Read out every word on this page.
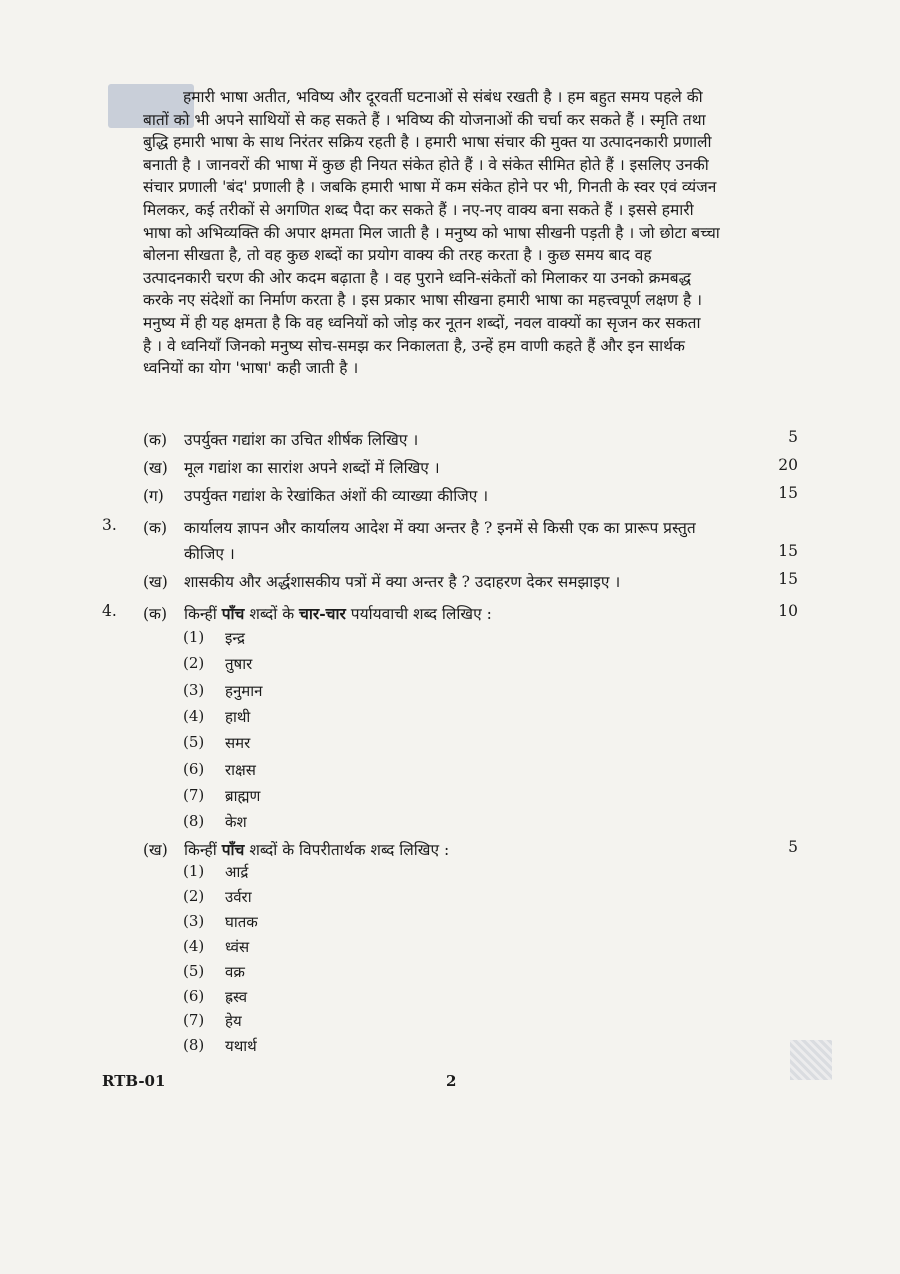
हमारी भाषा अतीत, भविष्य और दूरवर्ती घटनाओं से संबंध रखती है । हम बहुत समय पहले की
बातों को भी अपने साथियों से कह सकते हैं । भविष्य की योजनाओं की चर्चा कर सकते हैं । स्मृति तथा
बुद्धि हमारी भाषा के साथ निरंतर सक्रिय रहती है । हमारी भाषा संचार की मुक्त या उत्पादनकारी प्रणाली
बनाती है । जानवरों की भाषा में कुछ ही नियत संकेत होते हैं । वे संकेत सीमित होते हैं । इसलिए उनकी
संचार प्रणाली 'बंद' प्रणाली है । जबकि हमारी भाषा में कम संकेत होने पर भी, गिनती के स्वर एवं व्यंजन
मिलकर, कई तरीकों से अगणित शब्द पैदा कर सकते हैं । नए-नए वाक्य बना सकते हैं । इससे हमारी
भाषा को अभिव्यक्ति की अपार क्षमता मिल जाती है । मनुष्य को भाषा सीखनी पड़ती है । जो छोटा बच्चा
बोलना सीखता है, तो वह कुछ शब्दों का प्रयोग वाक्य की तरह करता है । कुछ समय बाद वह
उत्पादनकारी चरण की ओर कदम बढ़ाता है । वह पुराने ध्वनि-संकेतों को मिलाकर या उनको क्रमबद्ध
करके नए संदेशों का निर्माण करता है । इस प्रकार भाषा सीखना हमारी भाषा का महत्त्वपूर्ण लक्षण है ।
मनुष्य में ही यह क्षमता है कि वह ध्वनियों को जोड़ कर नूतन शब्दों, नवल वाक्यों का सृजन कर सकता
है । वे ध्वनियाँ जिनको मनुष्य सोच-समझ कर निकालता है, उन्हें हम वाणी कहते हैं और इन सार्थक
ध्वनियों का योग 'भाषा' कही जाती है ।
(क) उपर्युक्त गद्यांश का उचित शीर्षक लिखिए ।	5
(ख) मूल गद्यांश का सारांश अपने शब्दों में लिखिए ।	20
(ग) उपर्युक्त गद्यांश के रेखांकित अंशों की व्याख्या कीजिए ।	15
3. (क) कार्यालय ज्ञापन और कार्यालय आदेश में क्या अन्तर है ? इनमें से किसी एक का प्रारूप प्रस्तुत
कीजिए ।	15
(ख) शासकीय और अर्द्धशासकीय पत्रों में क्या अन्तर है ? उदाहरण देकर समझाइए ।	15
4. (क) किन्हीं पाँच शब्दों के चार-चार पर्यायवाची शब्द लिखिए :	10
(1) इन्द्र
(2) तुषार
(3) हनुमान
(4) हाथी
(5) समर
(6) राक्षस
(7) ब्राह्मण
(8) केश
(ख) किन्हीं पाँच शब्दों के विपरीतार्थक शब्द लिखिए :	5
(1) आर्द्र
(2) उर्वरा
(3) घातक
(4) ध्वंस
(5) वक्र
(6) ह्रस्व
(7) हेय
(8) यथार्थ
RTB-01	2
